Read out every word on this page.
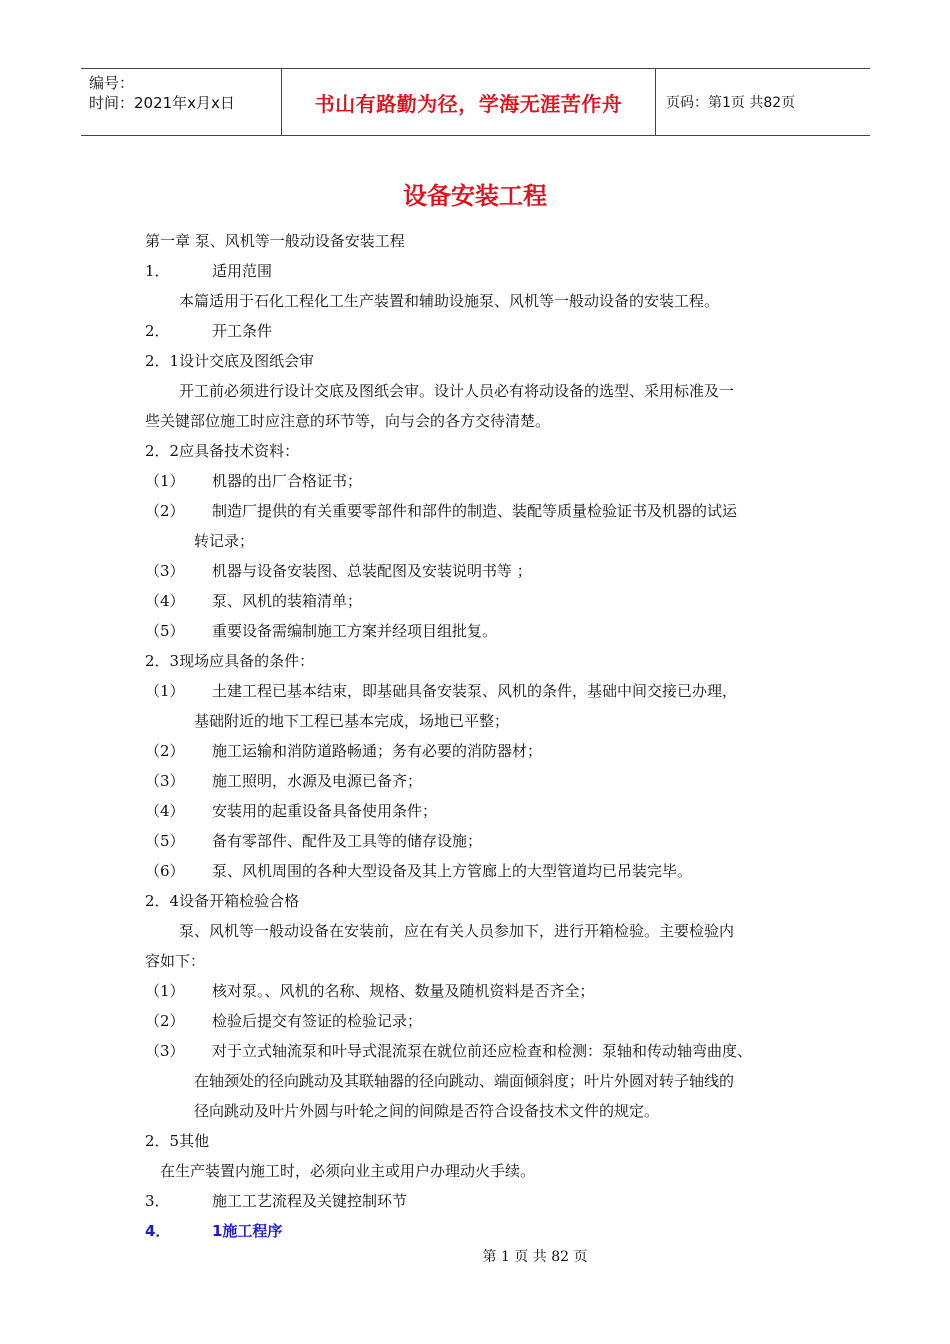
编号：
时间：2021年x月x日	书山有路勤为径，学海无涯苦作舟	页码：第1页 共82页
设备安装工程
第一章 泵、风机等一般动设备安装工程
1．	适用范围
本篇适用于石化工程化工生产装置和辅助设施泵、风机等一般动设备的安装工程。
2．	开工条件
2．1设计交底及图纸会审
开工前必须进行设计交底及图纸会审。设计人员必有将动设备的选型、采用标准及一
些关键部位施工时应注意的环节等，向与会的各方交待清楚。
2．2应具备技术资料：
（1） 机器的出厂合格证书；
（2） 制造厂提供的有关重要零部件和部件的制造、装配等质量检验证书及机器的试运
转记录；
（3） 机器与设备安装图、总装配图及安装说明书等 ；
（4） 泵、风机的装箱清单；
（5） 重要设备需编制施工方案并经项目组批复。
2．3现场应具备的条件：
（1） 土建工程已基本结束，即基础具备安装泵、风机的条件，基础中间交接已办理，
基础附近的地下工程已基本完成，场地已平整；
（2） 施工运输和消防道路畅通；务有必要的消防器材；
（3） 施工照明，水源及电源已备齐；
（4） 安装用的起重设备具备使用条件；
（5） 备有零部件、配件及工具等的储存设施；
（6） 泵、风机周围的各种大型设备及其上方管廊上的大型管道均已吊装完毕。
2．4设备开箱检验合格
泵、风机等一般动设备在安装前，应在有关人员参加下，进行开箱检验。主要检验内
容如下：
（1） 核对泵。、风机的名称、规格、数量及随机资料是否齐全；
（2） 检验后提交有签证的检验记录；
（3） 对于立式轴流泵和叶导式混流泵在就位前还应检查和检测：泵轴和传动轴弯曲度、
在轴颈处的径向跳动及其联轴器的径向跳动、端面倾斜度；叶片外圆对转子轴线的
径向跳动及叶片外圆与叶轮之间的间隙是否符合设备技术文件的规定。
2．5其他
在生产装置内施工时，必须向业主或用户办理动火手续。
3．	施工工艺流程及关键控制环节
4．	1施工程序
第 1 页 共 82 页
